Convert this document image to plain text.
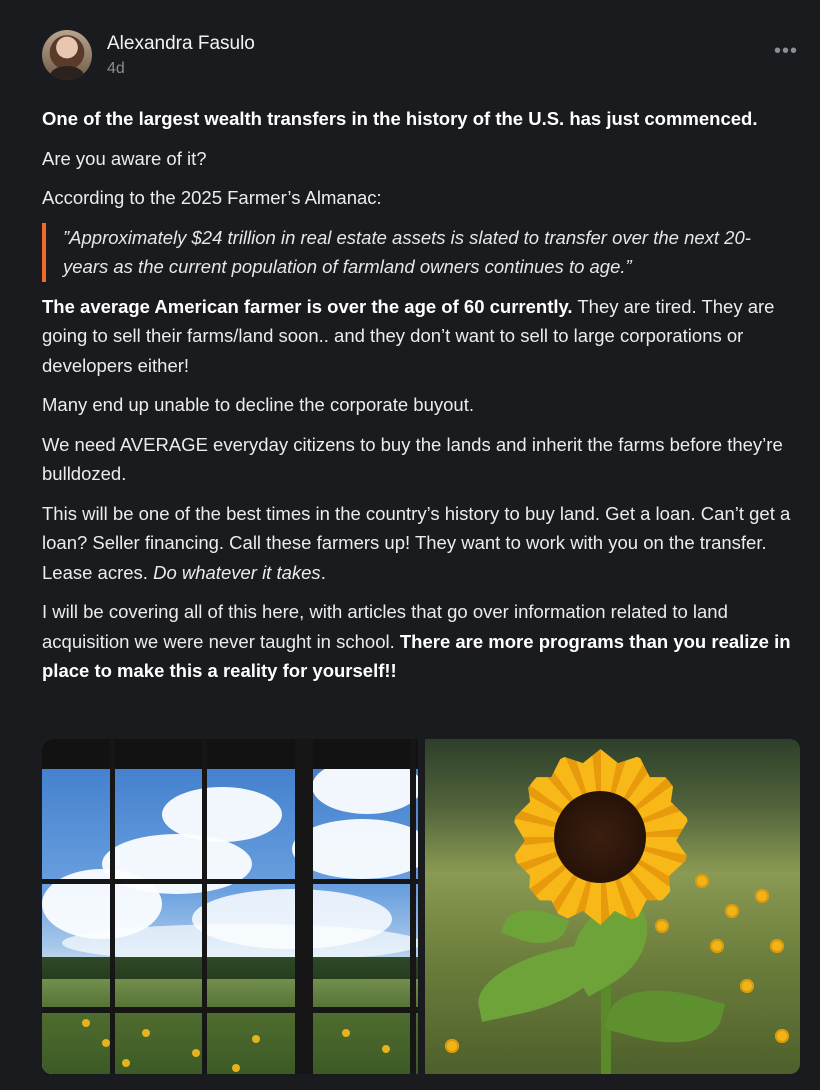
Alexandra Fasulo
4d
•••

One of the largest wealth transfers in the history of the U.S. has just commenced.

Are you aware of it?

According to the 2025 Farmer’s Almanac:

”Approximately $24 trillion in real estate assets is slated to transfer over the next 20-years as the current population of farmland owners continues to age.”

The average American farmer is over the age of 60 currently. They are tired. They are going to sell their farms/land soon.. and they don’t want to sell to large corporations or developers either!

Many end up unable to decline the corporate buyout.

We need AVERAGE everyday citizens to buy the lands and inherit the farms before they’re bulldozed.

This will be one of the best times in the country’s history to buy land. Get a loan. Can’t get a loan? Seller financing. Call these farmers up! They want to work with you on the transfer. Lease acres. Do whatever it takes.

I will be covering all of this here, with articles that go over information related to land acquisition we were never taught in school. There are more programs than you realize in place to make this a reality for yourself!!
